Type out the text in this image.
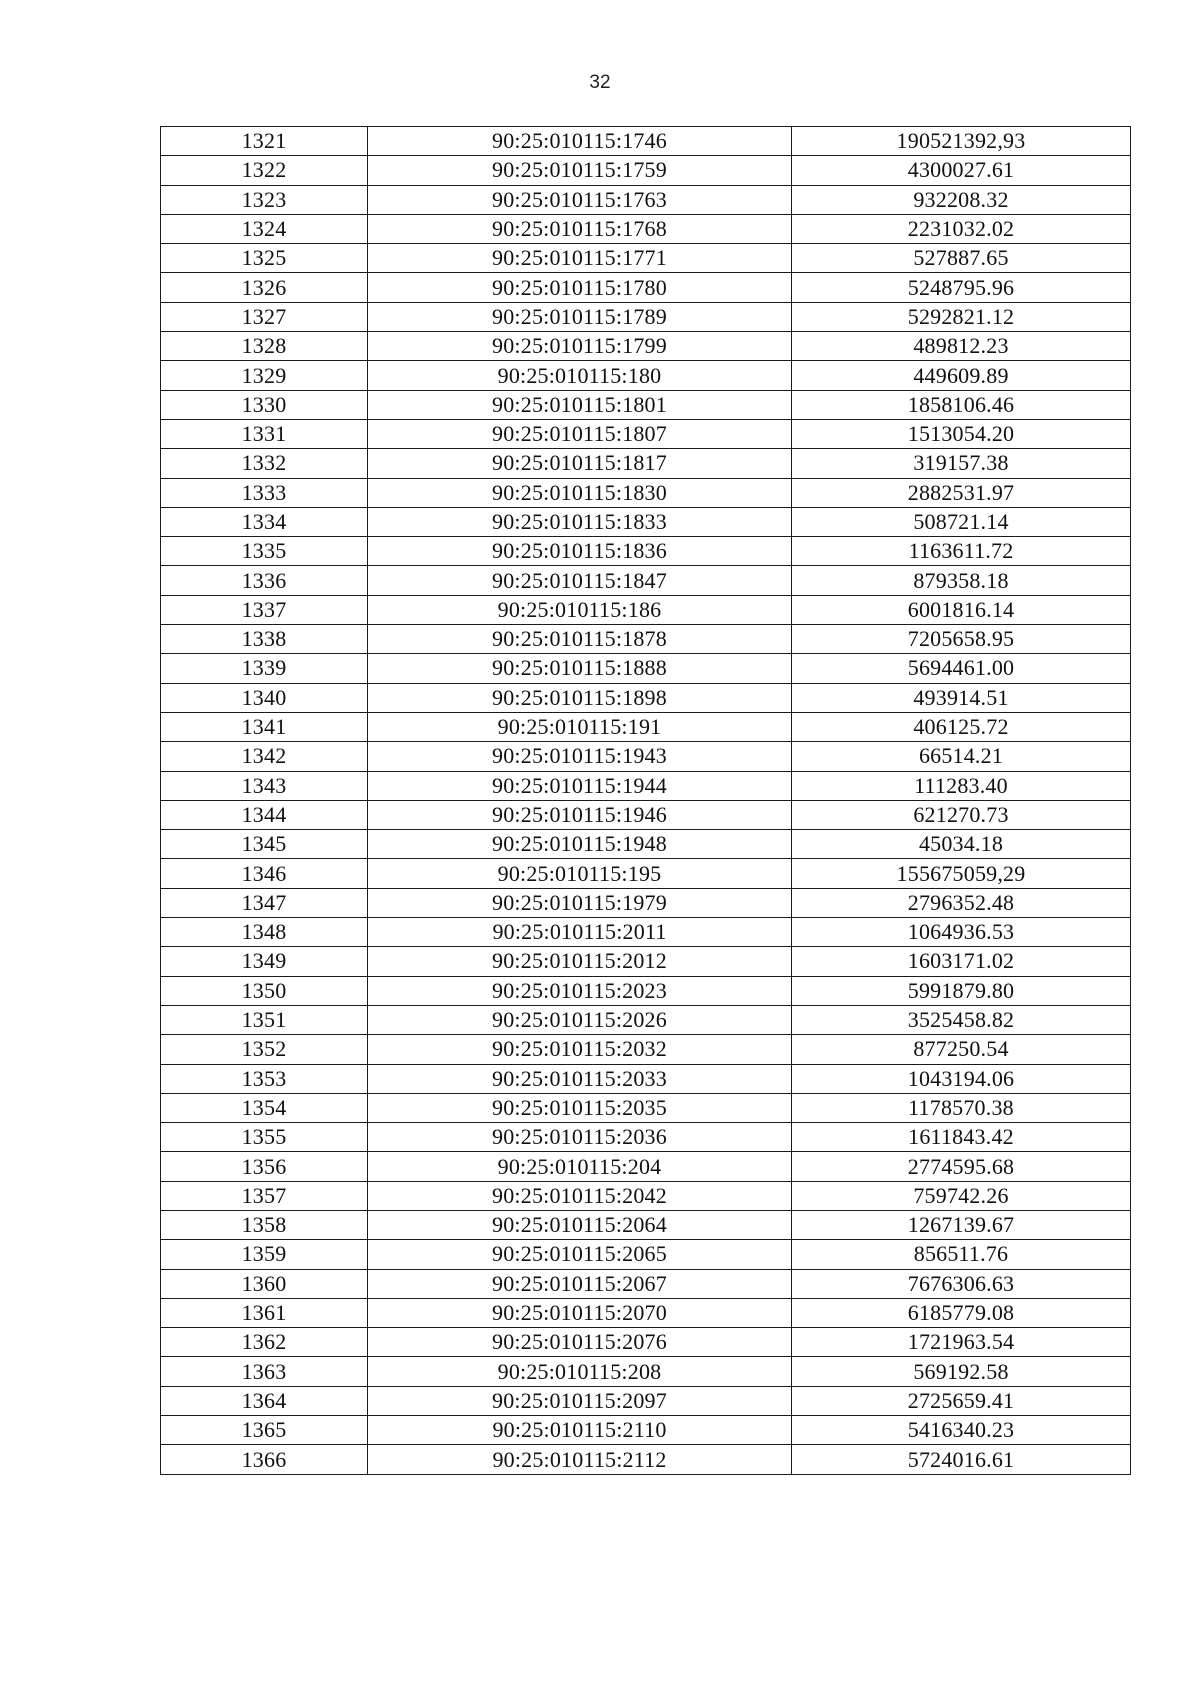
32
1321	90:25:010115:1746	190521392,93
1322	90:25:010115:1759	4300027.61
1323	90:25:010115:1763	932208.32
1324	90:25:010115:1768	2231032.02
1325	90:25:010115:1771	527887.65
1326	90:25:010115:1780	5248795.96
1327	90:25:010115:1789	5292821.12
1328	90:25:010115:1799	489812.23
1329	90:25:010115:180	449609.89
1330	90:25:010115:1801	1858106.46
1331	90:25:010115:1807	1513054.20
1332	90:25:010115:1817	319157.38
1333	90:25:010115:1830	2882531.97
1334	90:25:010115:1833	508721.14
1335	90:25:010115:1836	1163611.72
1336	90:25:010115:1847	879358.18
1337	90:25:010115:186	6001816.14
1338	90:25:010115:1878	7205658.95
1339	90:25:010115:1888	5694461.00
1340	90:25:010115:1898	493914.51
1341	90:25:010115:191	406125.72
1342	90:25:010115:1943	66514.21
1343	90:25:010115:1944	111283.40
1344	90:25:010115:1946	621270.73
1345	90:25:010115:1948	45034.18
1346	90:25:010115:195	155675059,29
1347	90:25:010115:1979	2796352.48
1348	90:25:010115:2011	1064936.53
1349	90:25:010115:2012	1603171.02
1350	90:25:010115:2023	5991879.80
1351	90:25:010115:2026	3525458.82
1352	90:25:010115:2032	877250.54
1353	90:25:010115:2033	1043194.06
1354	90:25:010115:2035	1178570.38
1355	90:25:010115:2036	1611843.42
1356	90:25:010115:204	2774595.68
1357	90:25:010115:2042	759742.26
1358	90:25:010115:2064	1267139.67
1359	90:25:010115:2065	856511.76
1360	90:25:010115:2067	7676306.63
1361	90:25:010115:2070	6185779.08
1362	90:25:010115:2076	1721963.54
1363	90:25:010115:208	569192.58
1364	90:25:010115:2097	2725659.41
1365	90:25:010115:2110	5416340.23
1366	90:25:010115:2112	5724016.61
